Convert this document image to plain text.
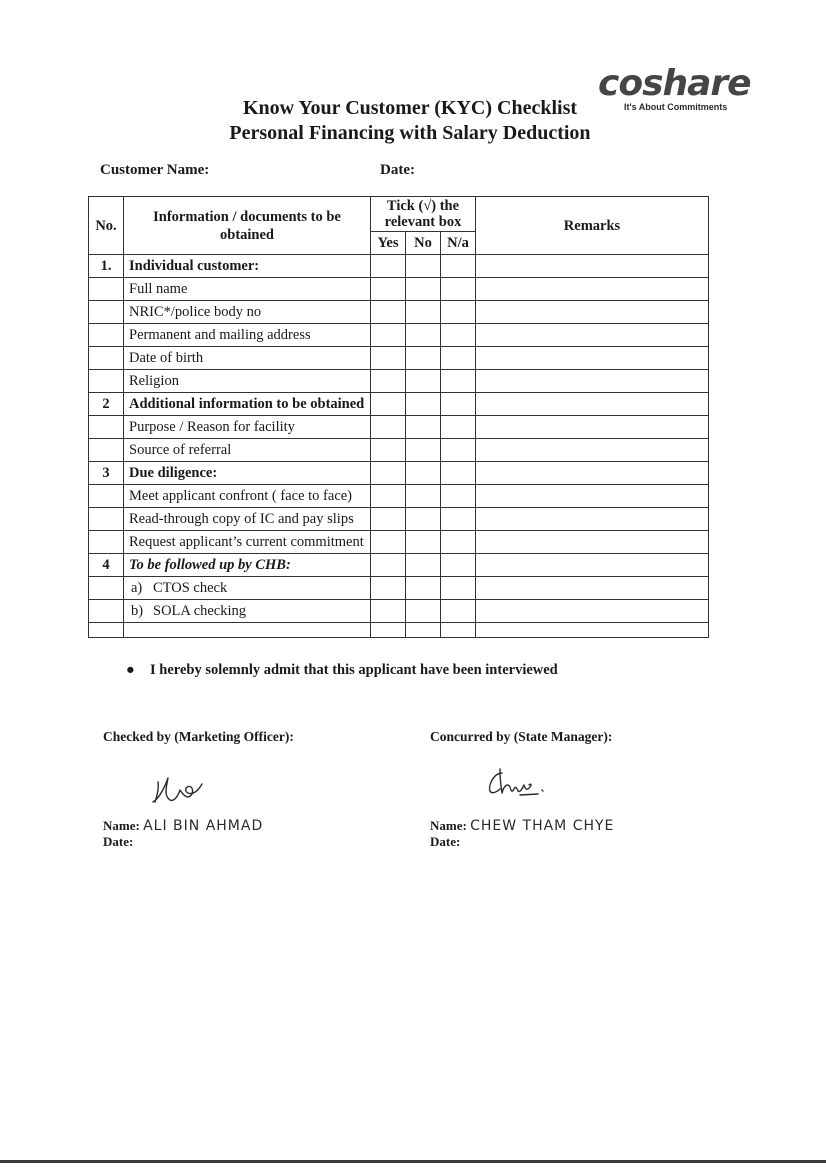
coshare
It's About Commitments
Know Your Customer (KYC) Checklist
Personal Financing with Salary Deduction
Customer Name:	Date:
No.	Information / documents to be obtained	Tick (√) the relevant box			Remarks
		Yes	No	N/a	
1.	Individual customer:				
	Full name				
	NRIC*/police body no				
	Permanent and mailing address				
	Date of birth				
	Religion				
2	Additional information to be obtained				
	Purpose / Reason for facility				
	Source of referral				
3	Due diligence:				
	Meet applicant confront ( face to face)				
	Read-through copy of IC and pay slips				
	Request applicant’s current commitment				
4	To be followed up by CHB:				
	a) CTOS check				
	b) SOLA checking				

● I hereby solemnly admit that this applicant have been interviewed
Checked by (Marketing Officer):
Name: ALI BIN AHMAD
Date:
Concurred by (State Manager):
Name: CHEW THAM CHYE
Date:
